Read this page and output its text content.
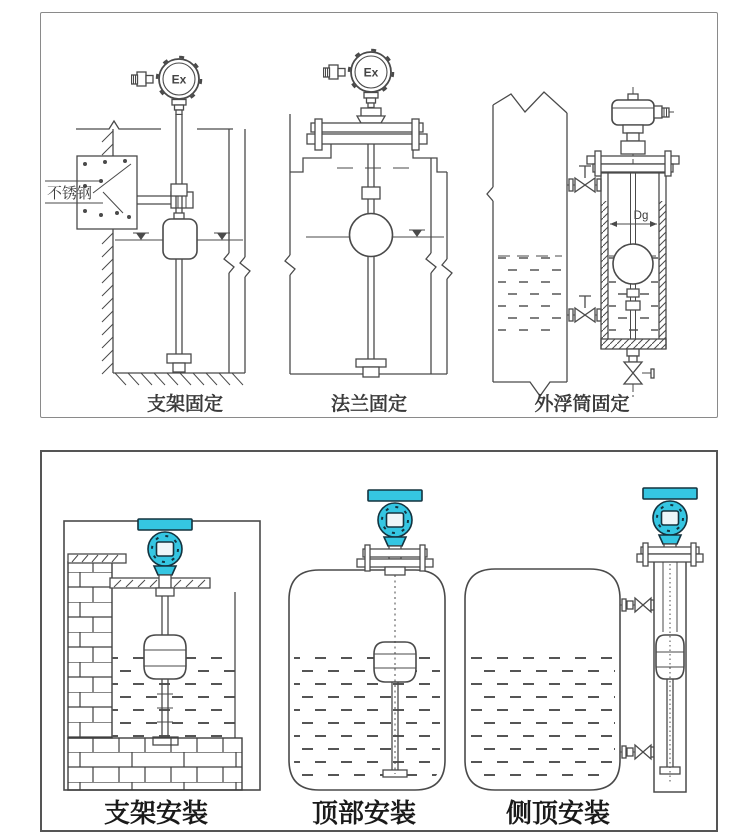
不锈钢
支架固定	法兰固定
Dg
外浮筒固定
支架安装	顶部安装	侧顶安装
